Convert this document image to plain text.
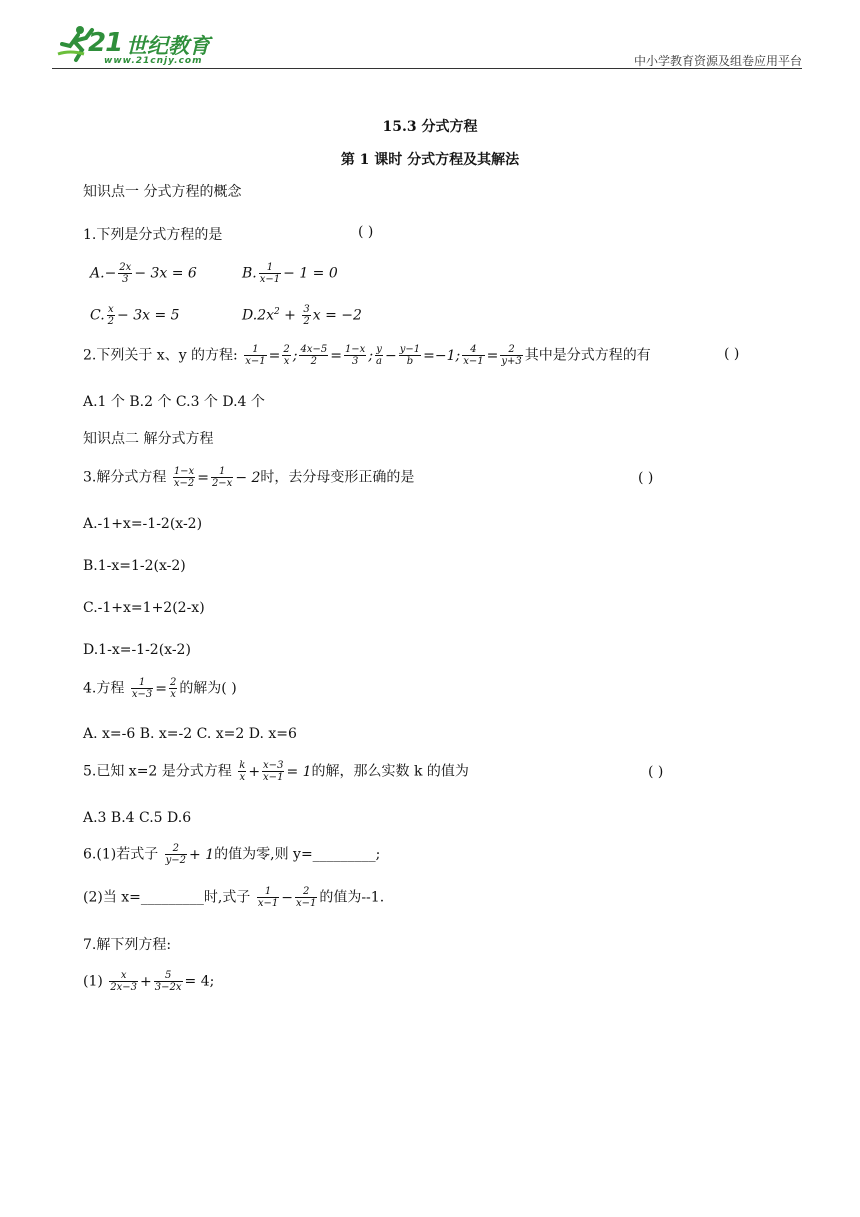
21 世纪教育
www.21cnjy.com	中小学教育资源及组卷应用平台
15.3 分式方程
第 1 课时 分式方程及其解法
知识点一 分式方程的概念
1.下列是分式方程的是	( )
$A.- \frac{2x}{3} - 3x = 6$	B. $\frac{1}{x-1} - 1 = 0$
C. $\frac{x}{2} - 3x = 5$	$D.2x^2 + \frac{3}{2}$ x = −2
2.下列关于 x、y 的方程: $\frac{1}{x-1} = \frac{2}{x}$ ; $\frac{4x-5}{2} = \frac{1-x}{3}$ ; $\frac{y}{a} - \frac{y-1}{b} =-1$; $\frac{4}{x-1} = \frac{2}{y+3}$ 其中是分式方程的有	( )
A.1 个 B.2 个 C.3 个 D.4 个
知识点二 解分式方程
3.解分式方程 $\frac{1-x}{x-2} = \frac{1}{2-x} - 2$时，去分母变形正确的是	( )
A.-1+x=-1-2(x-2)
B.1-x=1-2(x-2)
C.-1+x=1+2(2-x)
D.1-x=-1-2(x-2)
4.方程 $\frac{1}{x-3} = \frac{2}{x}$ 的解为( )
A. x=-6 B. x=-2 C. x=2 D. x=6
5.已知 x=2 是分式方程 $\frac{k}{x} + \frac{x-3}{x-1} = 1$的解，那么实数 k 的值为	( )
A.3 B.4 C.5 D.6
6.(1)若式子 $\frac{2}{y-2} + 1$的值为零,则 y=_________;
(2)当 x=_________时,式子 $\frac{1}{x-1} - \frac{2}{x-1}$ 的值为--1.
7.解下列方程:
$(1) \frac{x}{2x-3} + \frac{5}{3-2x} = 4$;
